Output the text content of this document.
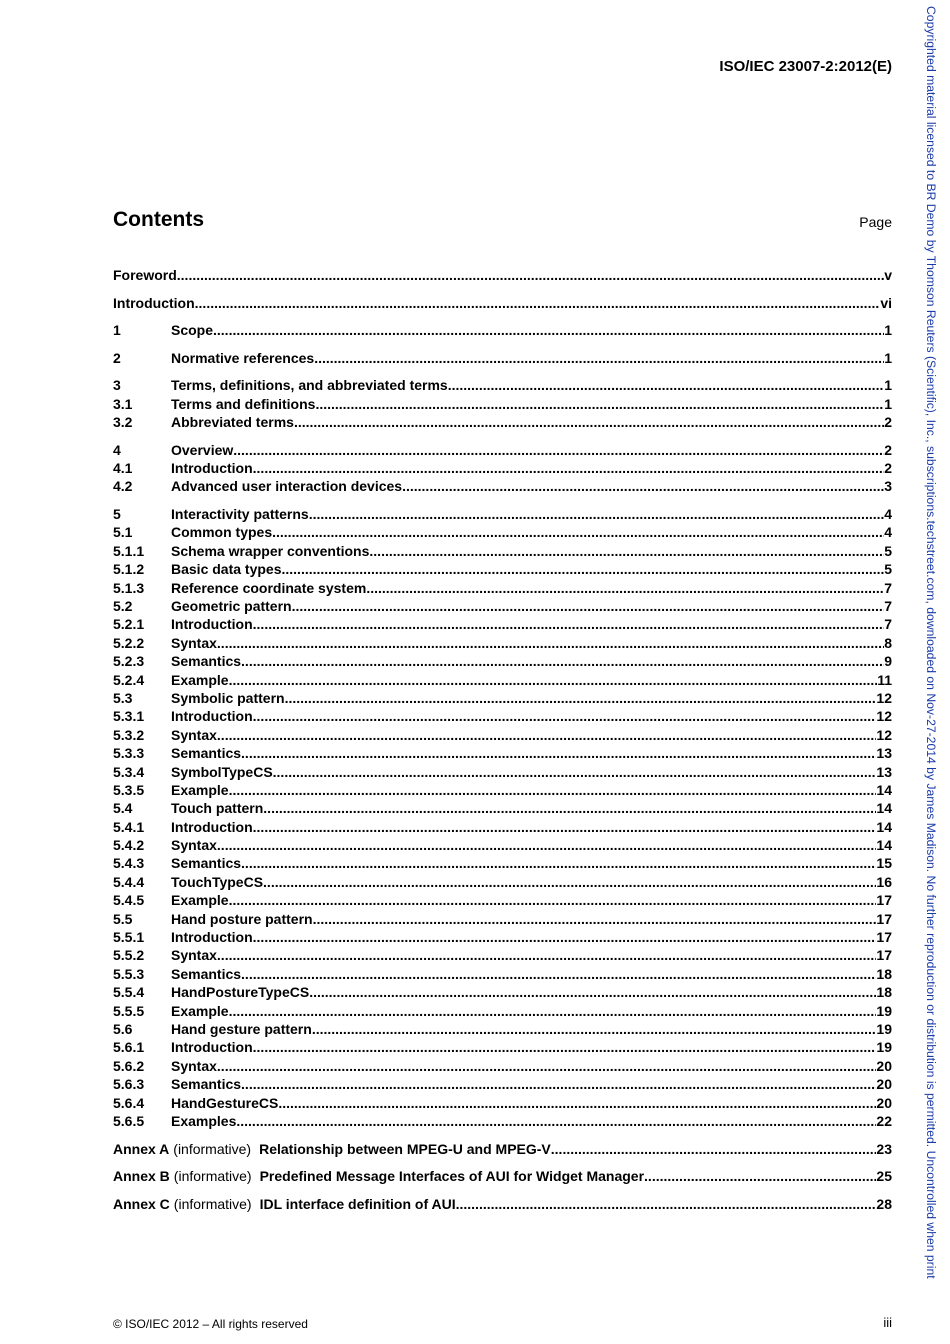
ISO/IEC 23007-2:2012(E)
Contents	Page
Foreword .....	v
Introduction .....	vi
1	Scope .....	1
2	Normative references .....	1
3	Terms, definitions, and abbreviated terms .....	1
3.1	Terms and definitions .....	1
3.2	Abbreviated terms .....	2
4	Overview .....	2
4.1	Introduction .....	2
4.2	Advanced user interaction devices .....	3
5	Interactivity patterns .....	4
5.1	Common types .....	4
5.1.1	Schema wrapper conventions .....	5
5.1.2	Basic data types .....	5
5.1.3	Reference coordinate system .....	7
5.2	Geometric pattern .....	7
5.2.1	Introduction .....	7
5.2.2	Syntax .....	8
5.2.3	Semantics .....	9
5.2.4	Example .....	11
5.3	Symbolic pattern .....	12
5.3.1	Introduction .....	12
5.3.2	Syntax .....	12
5.3.3	Semantics .....	13
5.3.4	SymbolTypeCS .....	13
5.3.5	Example .....	14
5.4	Touch pattern .....	14
5.4.1	Introduction .....	14
5.4.2	Syntax .....	14
5.4.3	Semantics .....	15
5.4.4	TouchTypeCS .....	16
5.4.5	Example .....	17
5.5	Hand posture pattern .....	17
5.5.1	Introduction .....	17
5.5.2	Syntax .....	17
5.5.3	Semantics .....	18
5.5.4	HandPostureTypeCS .....	18
5.5.5	Example .....	19
5.6	Hand gesture pattern .....	19
5.6.1	Introduction .....	19
5.6.2	Syntax .....	20
5.6.3	Semantics .....	20
5.6.4	HandGestureCS .....	20
5.6.5	Examples .....	22
Annex A (informative) Relationship between MPEG-U and MPEG-V .....	23
Annex B (informative) Predefined Message Interfaces of AUI for Widget Manager .....	25
Annex C (informative) IDL interface definition of AUI .....	28
© ISO/IEC 2012 – All rights reserved	iii
Copyrighted material licensed to BR Demo by Thomson Reuters (Scientific), Inc., subscriptions.techstreet.com, downloaded on Nov-27-2014 by James Madison. No further reproduction or distribution is permitted. Uncontrolled when print
